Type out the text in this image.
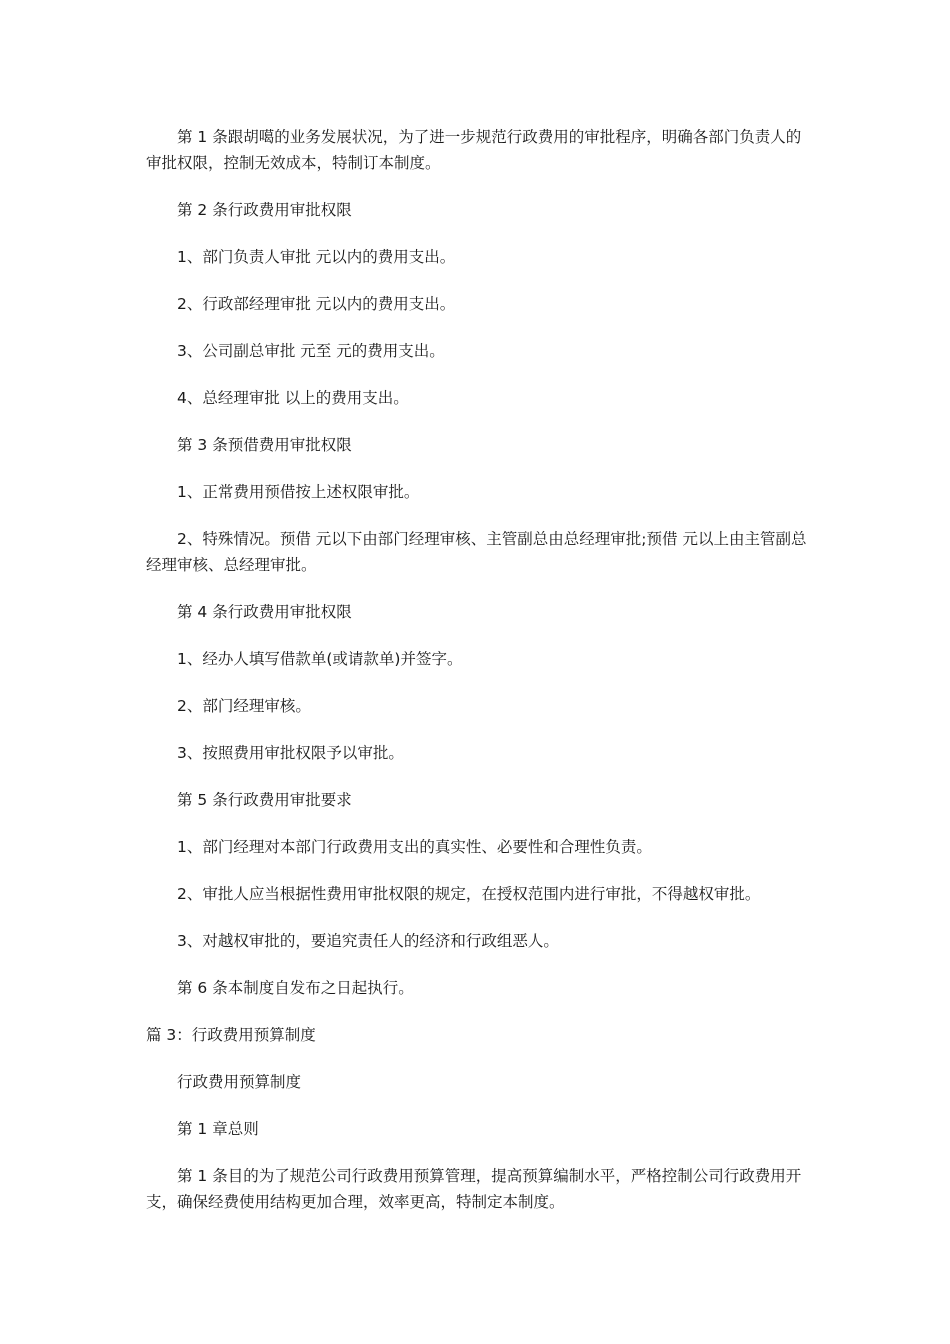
第 1 条跟胡噶的业务发展状况，为了进一步规范行政费用的审批程序，明确各部门负责人的审批权限，控制无效成本，特制订本制度。

第 2 条行政费用审批权限

1、部门负责人审批 元以内的费用支出。

2、行政部经理审批 元以内的费用支出。

3、公司副总审批 元至 元的费用支出。

4、总经理审批 以上的费用支出。

第 3 条预借费用审批权限

1、正常费用预借按上述权限审批。

2、特殊情况。预借 元以下由部门经理审核、主管副总由总经理审批;预借 元以上由主管副总经理审核、总经理审批。

第 4 条行政费用审批权限

1、经办人填写借款单(或请款单)并签字。

2、部门经理审核。

3、按照费用审批权限予以审批。

第 5 条行政费用审批要求

1、部门经理对本部门行政费用支出的真实性、必要性和合理性负责。

2、审批人应当根据性费用审批权限的规定，在授权范围内进行审批，不得越权审批。

3、对越权审批的，要追究责任人的经济和行政组恶人。

第 6 条本制度自发布之日起执行。

篇 3：行政费用预算制度

行政费用预算制度

第 1 章总则

第 1 条目的为了规范公司行政费用预算管理，提高预算编制水平，严格控制公司行政费用开支，确保经费使用结构更加合理，效率更高，特制定本制度。
